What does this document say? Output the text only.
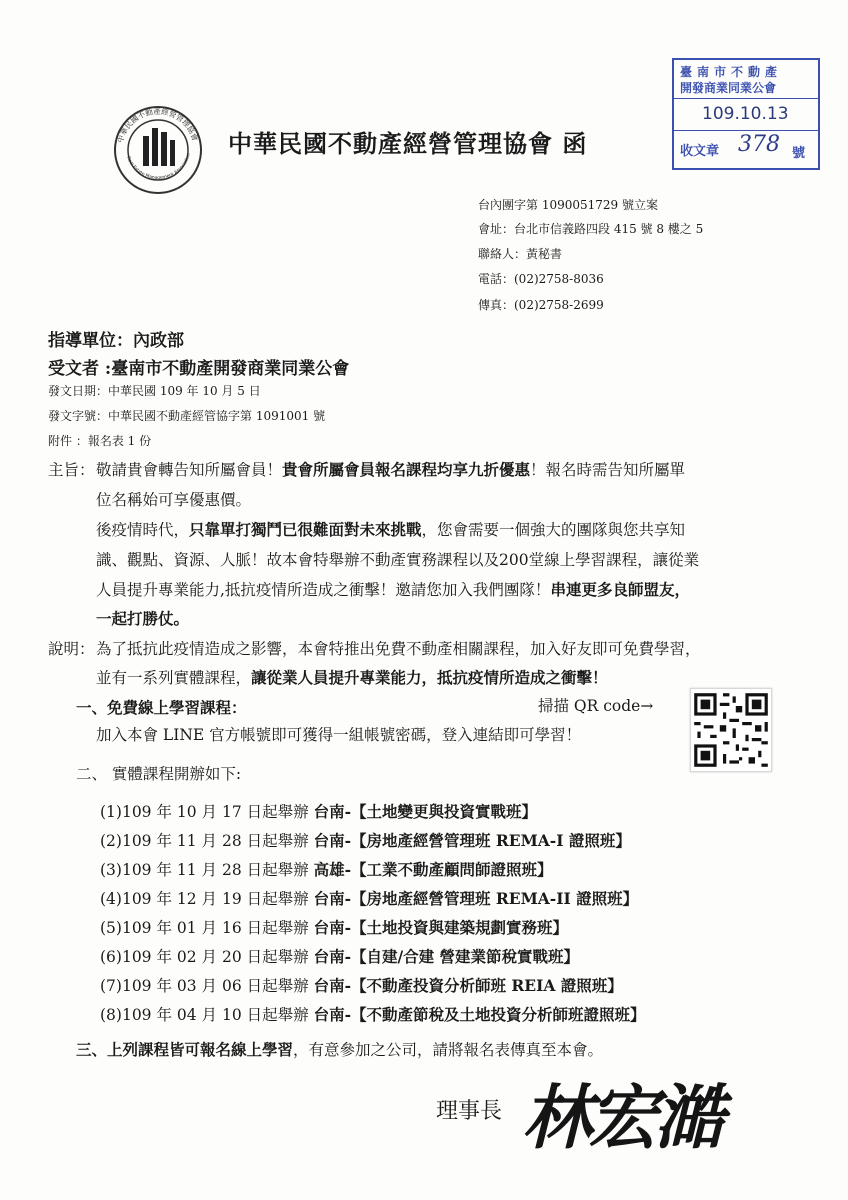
中華民國不動產經營管理協會
Real Estate Management Association 中華民國不動產經營管理協會 函
臺南市不動產
開發商業同業公會
109.10.13
收文章 378 號
台內團字第 1090051729 號立案
會址：台北市信義路四段 415 號 8 樓之 5
聯絡人：黃秘書
電話：(02)2758-8036
傳真：(02)2758-2699
指導單位：內政部
受文者 :臺南市不動產開發商業同業公會
發文日期：中華民國 109 年 10 月 5 日
發文字號：中華民國不動產經管協字第 1091001 號
附件 ：報名表 1 份
主旨： 敬請貴會轉告知所屬會員！貴會所屬會員報名課程均享九折優惠！報名時需告知所屬單
位名稱始可享優惠價。
後疫情時代，只靠單打獨鬥已很難面對未來挑戰，您會需要一個強大的團隊與您共享知
識、觀點、資源、人脈！故本會特舉辦不動產實務課程以及200堂線上學習課程，讓從業
人員提升專業能力,抵抗疫情所造成之衝擊！邀請您加入我們團隊！串連更多良師盟友，
一起打勝仗。
說明： 為了抵抗此疫情造成之影響，本會特推出免費不動產相關課程，加入好友即可免費學習，
並有一系列實體課程，讓從業人員提升專業能力，抵抗疫情所造成之衝擊！
一、免費線上學習課程：	掃描 QR code→
加入本會 LINE 官方帳號即可獲得一組帳號密碼，登入連結即可學習！
二、 實體課程開辦如下:
(1)109 年 10 月 17 日起舉辦 台南-【土地變更與投資實戰班】
(2)109 年 11 月 28 日起舉辦 台南-【房地產經營管理班 REMA-I 證照班】
(3)109 年 11 月 28 日起舉辦 高雄-【工業不動產顧問師證照班】
(4)109 年 12 月 19 日起舉辦 台南-【房地產經營管理班 REMA-II 證照班】
(5)109 年 01 月 16 日起舉辦 台南-【土地投資與建築規劃實務班】
(6)109 年 02 月 20 日起舉辦 台南-【自建/合建 營建業節稅實戰班】
(7)109 年 03 月 06 日起舉辦 台南-【不動產投資分析師班 REIA 證照班】
(8)109 年 04 月 10 日起舉辦 台南-【不動產節稅及土地投資分析師班證照班】
三、上列課程皆可報名線上學習，有意參加之公司，請將報名表傳真至本會。
理事長 林宏澔
